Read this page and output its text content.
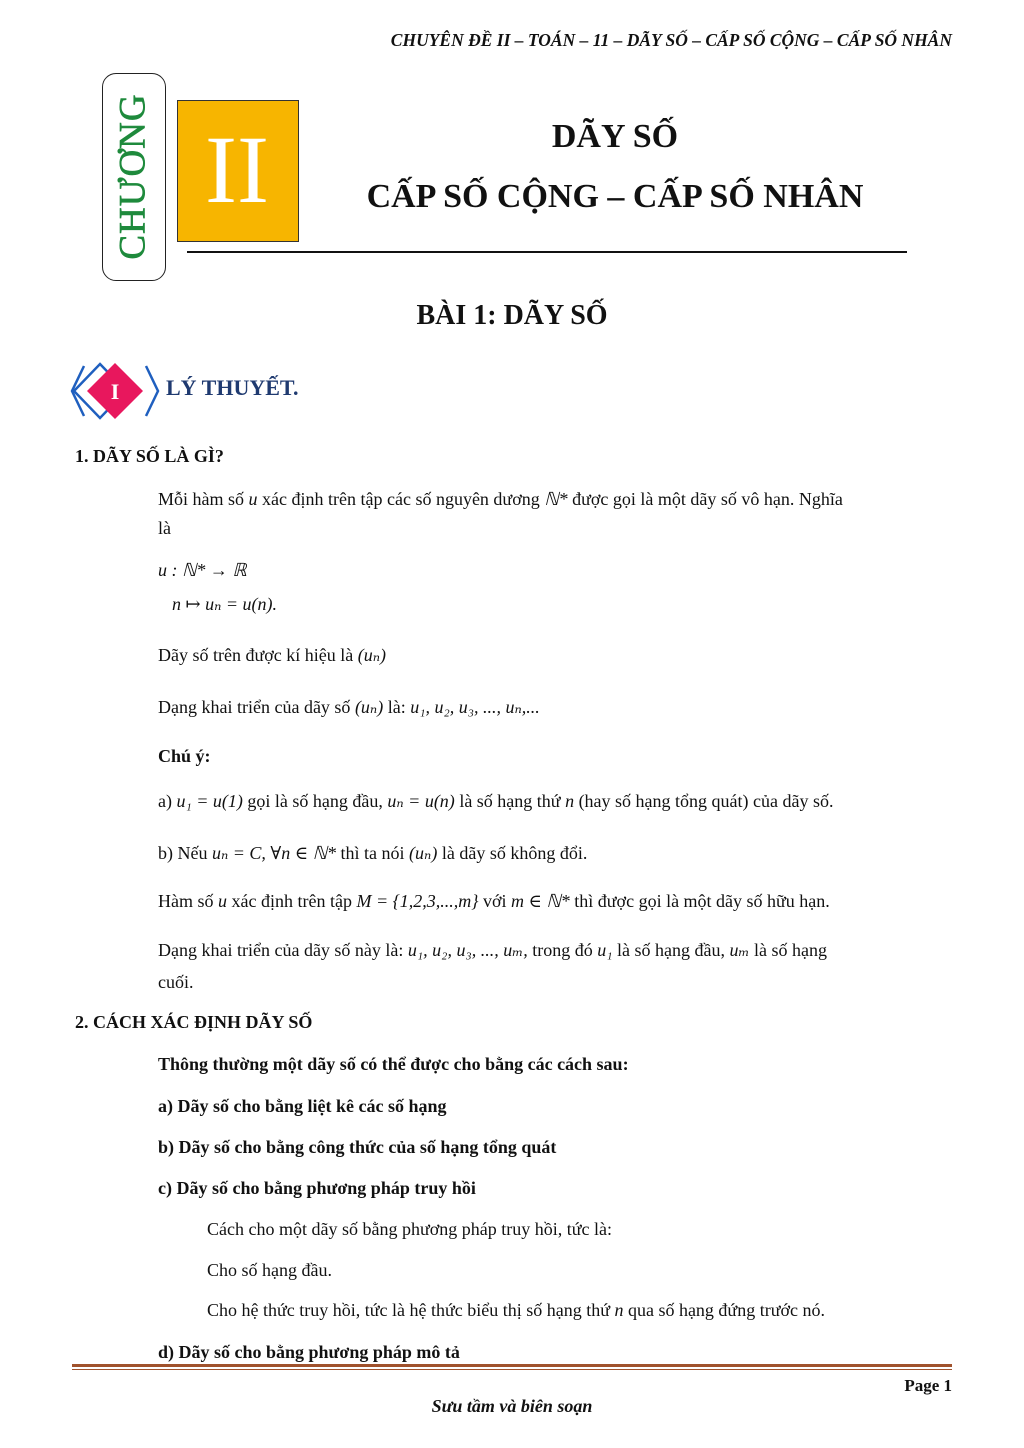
CHUYÊN ĐỀ II – TOÁN – 11 – DÃY SỐ – CẤP SỐ CỘNG – CẤP SỐ NHÂN
CHƯƠNG II	DÃY SỐ
CẤP SỐ CỘNG – CẤP SỐ NHÂN
BÀI 1: DÃY SỐ
I LÝ THUYẾT.
1. DÃY SỐ LÀ GÌ?

Mỗi hàm số u xác định trên tập các số nguyên dương ℕ* được gọi là một dãy số vô hạn. Nghĩa

là

u : ℕ* → ℝ

n ↦ uₙ = u(n).

Dãy số trên được kí hiệu là (uₙ)

Dạng khai triển của dãy số (uₙ) là: u₁, u₂, u₃, ..., uₙ,...

Chú ý:

a) u₁ = u(1) gọi là số hạng đầu, uₙ = u(n) là số hạng thứ n (hay số hạng tổng quát) của dãy số.

b) Nếu uₙ = C, ∀n ∈ ℕ* thì ta nói (uₙ) là dãy số không đổi.

Hàm số u xác định trên tập M = {1,2,3,...,m} với m ∈ ℕ* thì được gọi là một dãy số hữu hạn.

Dạng khai triển của dãy số này là: u₁, u₂, u₃, ..., uₘ, trong đó u₁ là số hạng đầu, uₘ là số hạng

cuối.

2. CÁCH XÁC ĐỊNH DÃY SỐ

Thông thường một dãy số có thể được cho bằng các cách sau:

a) Dãy số cho bằng liệt kê các số hạng

b) Dãy số cho bằng công thức của số hạng tổng quát

c) Dãy số cho bằng phương pháp truy hồi

Cách cho một dãy số bằng phương pháp truy hồi, tức là:

Cho số hạng đầu.

Cho hệ thức truy hồi, tức là hệ thức biểu thị số hạng thứ n qua số hạng đứng trước nó.

d) Dãy số cho bằng phương pháp mô tả

Page 1
Sưu tầm và biên soạn
